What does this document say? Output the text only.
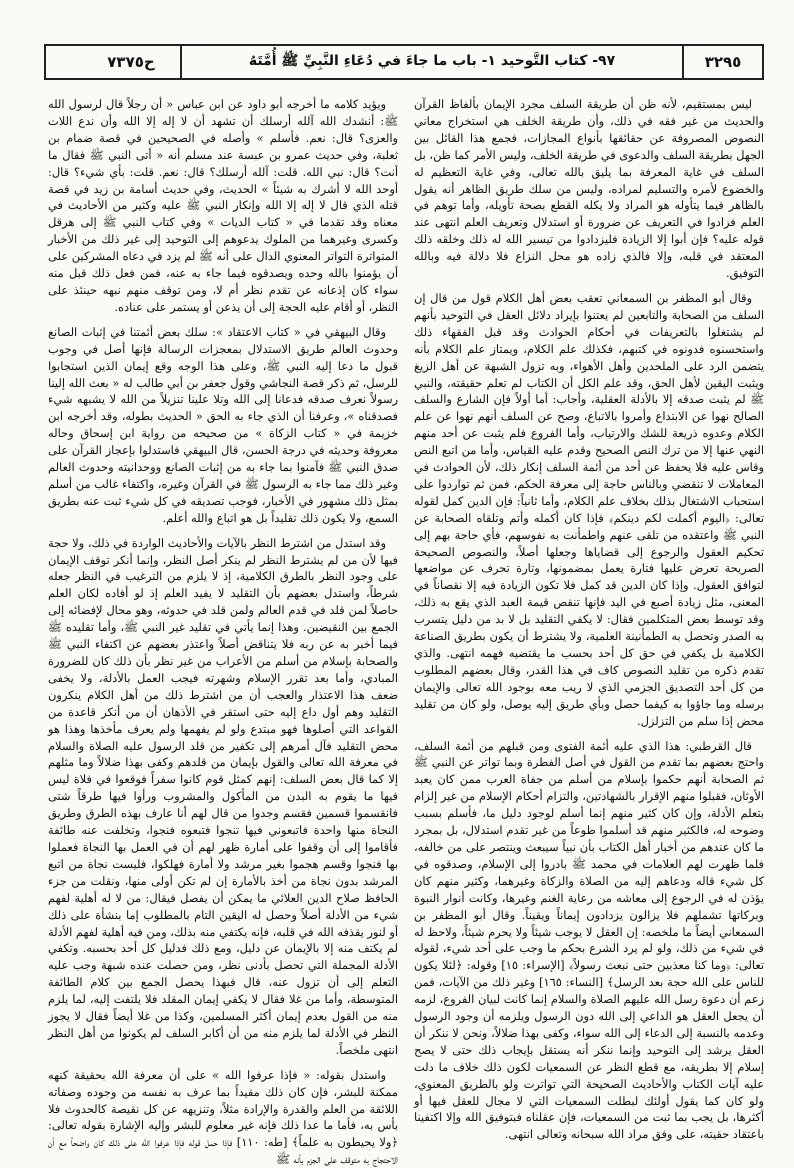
٣٢٩٥
٩٧- كتاب التَّوحيد ١- باب ما جاءَ في دُعَاءِ النَّبِيِّ ﷺ أُمَّتَهُ
ح٧٣٧٥

ليس بمستقيم، لأنه ظن أن طريقة السلف مجرد الإيمان بألفاظ القرآن والحديث من غير فقه في ذلك، وأن طريقة الخلف هي استخراج معاني النصوص المصروفة عن حقائقها بأنواع المجازات، فجمع هذا القائل بين الجهل بطريقة السلف والدعوى في طريقة الخلف، وليس الأمر كما ظن، بل السلف في غاية المعرفة بما يليق بالله تعالى، وفي غاية التعظيم له والخضوع لأمره والتسليم لمراده، وليس من سلك طريق الظاهر أنه يقول بالظاهر فيما يتأوله هو المراد ولا يكله القطع بصحة تأويله، وأما توهم في العلم فزادوا في التعريف عن ضرورة أو استدلال وتعريف العلم انتهى عند قوله عليه؟ فإن أبوا إلا الزيادة فليزدادوا من تيسير الله له ذلك وخلقه ذلك المعتقد في قلبه، وإلا فالذي زاده هو محل النزاع فلا دلالة فيه وبالله التوفيق.

وقال أبو المظفر بن السمعاني تعقب بعض أهل الكلام قول من قال إن السلف من الصحابة والتابعين لم يعتنوا بإيراد دلائل العقل في التوحيد بأنهم لم يشتغلوا بالتعريفات في أحكام الحوادث وقد قبل الفقهاء ذلك واستحسنوه فدونوه في كتبهم، فكذلك علم الكلام، ويمتاز علم الكلام بأنه يتضمن الرد على الملحدين وأهل الأهواء، وبه تزول الشبهة عن أهل الزيغ ويثبت اليقين لأهل الحق، وقد علم الكل أن الكتاب لم تعلم حقيقته، والنبي ﷺ لم يثبت صدقه إلا بالأدلة العقلية، وأجاب: أما أولاً فإن الشارع والسلف الصالح نهوا عن الابتداع وأمروا بالاتباع، وصح عن السلف أنهم نهوا عن علم الكلام وعدوه ذريعة للشك والارتياب، وأما الفروع فلم يثبت عن أحد منهم النهي عنها إلا من ترك النص الصحيح وقدم عليه القياس، وأما من اتبع النص وقاس عليه فلا يحفظ عن أحد من أئمة السلف إنكار ذلك، لأن الحوادث في المعاملات لا تنقضي وبالناس حاجة إلى معرفة الحكم، فمن ثم تواردوا على استحباب الاشتغال بذلك بخلاف علم الكلام، وأما ثانياً: فإن الدين كمل لقوله تعالى: ﴿اليوم أكملت لكم دينكم﴾ فإذا كان أكمله وأتم وتلقاه الصحابة عن النبي ﷺ واعتقده من تلقى عنهم واطمأنت به نفوسهم، فأي حاجة بهم إلى تحكيم العقول والرجوع إلى قضاياها وجعلها أصلاً، والنصوص الصحيحة الصريحة تعرض عليها فتارة يعمل بمضمونها، وتارة تحرف عن مواضعها لتوافق العقول. وإذا كان الدين قد كمل فلا تكون الزيادة فيه إلا نقصاناً في المعنى، مثل زيادة أصبع في اليد فإنها تنقص قيمة العبد الذي يقع به ذلك، وقد توسط بعض المتكلمين فقال: لا يكفي التقليد بل لا بد من دليل يتسرب به الصدر وتحصل به الطمأنينة العلمية، ولا يشترط أن يكون بطريق الصناعة الكلامية بل يكفي في حق كل أحد بحسب ما يقتضيه فهمه انتهى. والذي تقدم ذكره من تقليد النصوص كاف في هذا القدر، وقال بعضهم المطلوب من كل أحد التصديق الجزمي الذي لا ريب معه بوجود الله تعالى والإيمان برسله وما جاؤوا به كيفما حصل وبأي طريق إليه يوصل، ولو كان من تقليد محض إذا سلم من التزلزل.

قال القرطبي: هذا الذي عليه أئمة الفتوى ومن قبلهم من أئمة السلف، واحتج بعضهم بما تقدم من القول في أصل الفطرة وبما تواتر عن النبي ﷺ ثم الصحابة أنهم حكموا بإسلام من أسلم من جفاة العرب ممن كان يعبد الأوثان، فقبلوا منهم الإقرار بالشهادتين، والتزام أحكام الإسلام من غير إلزام بتعلم الأدلة، وإن كان كثير منهم إنما أسلم لوجود دليل ما، فأسلم بسبب وضوحه له، فالكثير منهم قد أسلموا طوعاً من غير تقدم استدلال، بل بمجرد ما كان عندهم من أخبار أهل الكتاب بأن نبياً سيبعث وينتصر على من خالفه، فلما ظهرت لهم العلامات في محمد ﷺ بادروا إلى الإسلام، وصدقوه في كل شيء قاله ودعاهم إليه من الصلاة والزكاة وغيرهما، وكثير منهم كان يؤذن له في الرجوع إلى معاشه من رعاية الغنم وغيرها، وكانت أنوار النبوة وبركاتها تشملهم فلا يزالون يزدادون إيماناً ويقيناً. وقال أبو المظفر بن السمعاني أيضاً ما ملخصه: إن العقل لا يوجب شيئاً ولا يحرم شيئاً، ولاحظ له في شيء من ذلك، ولو لم يرد الشرع بحكم ما وجب على أحد شيء، لقوله تعالى: ﴿وما كنا معذبين حتى نبعث رسولاً﴾ [الإسراء: ١٥] وقوله: ﴿لئلا يكون للناس على الله حجة بعد الرسل﴾ [النساء: ١٦٥] وغير ذلك من الآيات، فمن زعم أن دعوة رسل الله عليهم الصلاة والسلام إنما كانت لبيان الفروع، لزمه أن يجعل العقل هو الداعي إلى الله دون الرسول ويلزمه أن وجود الرسول وعدمه بالنسبة إلى الدعاء إلى الله سواء، وكفى بهذا ضلالاً، ونحن لا ننكر أن العقل يرشد إلى التوحيد وإنما ننكر أنه يستقل بإيجاب ذلك حتى لا يصح إسلام إلا بطريقه، مع قطع النظر عن السمعيات لكون ذلك خلاف ما دلت عليه آيات الكتاب والأحاديث الصحيحة التي تواترت ولو بالطريق المعنوي، ولو كان كما يقول أولئك لبطلت السمعيات التي لا مجال للعقل فيها أو أكثرها، بل يجب بما ثبت من السمعيات، فإن عقلناه فبتوفيق الله وإلا اكتفينا باعتقاد حقيته، على وفق مراد الله سبحانه وتعالى انتهى.

ويؤيد كلامه ما أخرجه أبو داود عن ابن عباس « أن رجلاً قال لرسول الله ﷺ: أنشدك الله آلله أرسلك أن تشهد أن لا إله إلا الله وأن ندع اللات والعزى؟ قال: نعم. فأسلم » وأصله في الصحيحين في قصة ضمام بن ثعلبة، وفي حديث عمرو بن عبسة عند مسلم أنه « أتى النبي ﷺ فقال ما أنت؟ قال: نبي الله. قلت: آلله أرسلك؟ قال: نعم. قلت: بأي شيء؟ قال: أوحد الله لا أشرك به شيئاً » الحديث، وفي حديث أسامة بن زيد في قصة قتله الذي قال لا إله إلا الله وإنكار النبي ﷺ عليه وكثير من الأحاديث في معناه وقد تقدما في « كتاب الديات » وفي كتاب النبي ﷺ إلى هرقل وكسرى وغيرهما من الملوك يدعوهم إلى التوحيد إلى غير ذلك من الأخبار المتواترة التواتر المعنوي الدال على أنه ﷺ لم يزد في دعاه المشركين على أن يؤمنوا بالله وحده ويصدقوه فيما جاء به عنه، فمن فعل ذلك قبل منه سواء كان إذعانه عن تقدم نظر أم لا، ومن توقف منهم نبهه حينئذ على النظر، أو أقام عليه الحجة إلى أن يذعن أو يستمر على عناده.

وقال البيهقي في « كتاب الاعتقاد »: سلك بعض أئمتنا في إثبات الصانع وحدوث العالم طريق الاستدلال بمعجزات الرسالة فإنها أصل في وجوب قبول ما دعا إليه النبي ﷺ، وعلى هذا الوجه وقع إيمان الذين استجابوا للرسل، ثم ذكر قصة النجاشي وقول جعفر بن أبي طالب له « بعث الله إلينا رسولاً نعرف صدقه فدعانا إلى الله وتلا علينا تنزيلاً من الله لا يشبهه شيء فصدقناه »، وعرفنا أن الذي جاء به الحق « الحديث بطوله، وقد أخرجه ابن خزيمة في « كتاب الزكاة » من صحيحه من رواية ابن إسحاق وحاله معروفة وحديثه في درجة الحسن، قال البيهقي فاستدلوا بإعجاز القرآن على صدق النبي ﷺ فآمنوا بما جاء به من إثبات الصانع ووحدانيته وحدوث العالم وغير ذلك مما جاء به الرسول ﷺ في القرآن وغيره، واكتفاء غالب من أسلم بمثل ذلك مشهور في الأخبار، فوجب تصديقه في كل شيء ثبت عنه بطريق السمع، ولا يكون ذلك تقليداً بل هو اتباع والله أعلم.

وقد استدل من اشترط النظر بالآيات والأحاديث الواردة في ذلك، ولا حجة فيها لأن من لم يشترط النظر لم ينكر أصل النظر، وإنما أنكر توقف الإيمان على وجود النظر بالطرق الكلامية، إذ لا يلزم من الترغيب في النظر جعله شرطاً، واستدل بعضهم بأن التقليد لا يفيد العلم إذ لو أفاده لكان العلم حاصلاً لمن قلد في قدم العالم ولمن قلد في حدوثه، وهو محال لإفضائه إلى الجمع بين النقيضين. وهذا إنما يأتي في تقليد غير النبي ﷺ، وأما تقليده ﷺ فيما أخبر به عن ربه فلا يتناقض أصلاً واعتذر بعضهم عن اكتفاء النبي ﷺ والصحابة بإسلام من أسلم من الأعراب من غير نظر بأن ذلك كان للضرورة المبادي، وأما بعد تقرر الإسلام وشهرته فيجب العمل بالأدلة، ولا يخفى ضعف هذا الاعتذار والعجب أن من اشترط ذلك من أهل الكلام ينكرون التقليد وهم أول داع إليه حتى استقر في الأذهان أن من أنكر قاعدة من القواعد التي أصلوها فهو مبتدع ولو لم يفهمها ولم يعرف مأخذها وهذا هو محض التقليد فآل أمرهم إلى تكفير من قلد الرسول عليه الصلاة والسلام في معرفة الله تعالى والقول بإيمان من قلدهم وكفى بهذا ضلالاً وما مثلهم إلا كما قال بعض السلف: إنهم كمثل قوم كانوا سفراً فوقعوا في فلاة ليس فيها ما يقوم به البدن من المأكول والمشروب ورأوا فيها طرقاً شتى فانقسموا قسمين فقسم وجدوا من قال لهم أنا عارف بهذه الطرق وطريق النجاة منها واحدة فاتبعوني فيها تنجوا فتبعوه فنجوا، وتخلفت عنه طائفة فأقاموا إلى أن وقفوا على أمارة ظهر لهم أن في العمل بها النجاة فعملوا بها فنجوا وقسم هجموا بغير مرشد ولا أمارة فهلكوا، فليست نجاة من اتبع المرشد بدون نجاة من أخذ بالأمارة إن لم تكن أولى منها، ونقلت من جزء الحافظ صلاح الدين العلائي ما يمكن أن يفصل فيقال: من لا له أهلية لفهم شيء من الأدلة أصلاً وحصل له اليقين التام بالمطلوب إما بنشأة على ذلك أو لنور يقذفه الله في قلبه، فإنه يكتفي منه بذلك، ومن فيه أهلية لفهم الأدلة لم يكتف منه إلا بالإيمان عن دليل، ومع ذلك فدليل كل أحد بحسبه. وتكفي الأدلة المجملة التي تحصل بأدنى نظر، ومن حصلت عنده شبهة وجب عليه التعلم إلى أن تزول عنه، قال فبهذا يحصل الجمع بين كلام الطائفة المتوسطة، وأما من غلا فقال لا يكفي إيمان المقلد فلا يلتفت إليه، لما يلزم منه من القول بعدم إيمان أكثر المسلمين، وكذا من غلا أيضاً فقال لا يجوز النظر في الأدلة لما يلزم منه من أن أكابر السلف لم يكونوا من أهل النظر انتهى ملخصاً.

واستدل بقوله: « فإذا عرفوا الله » على أن معرفة الله بحقيقة كنهه ممكنة للبشر، فإن كان ذلك مقيداً بما عرف به نفسه من وجوده وصفاته اللائقة من العلم والقدرة والإرادة مثلاً، وتنزيهه عن كل نقيصة كالحدوث فلا بأس به، فأما ما عدا ذلك فإنه غير معلوم للبشر وإليه الإشارة بقوله تعالى: ﴿ولا يحيطون به علماً﴾ [طه: ١١٠] فإذا حمل قوله فإذا عرفوا الله على ذلك كان واضحاً مع أن الاحتجاج به متوقف على الجزم بأنه ﷺ
